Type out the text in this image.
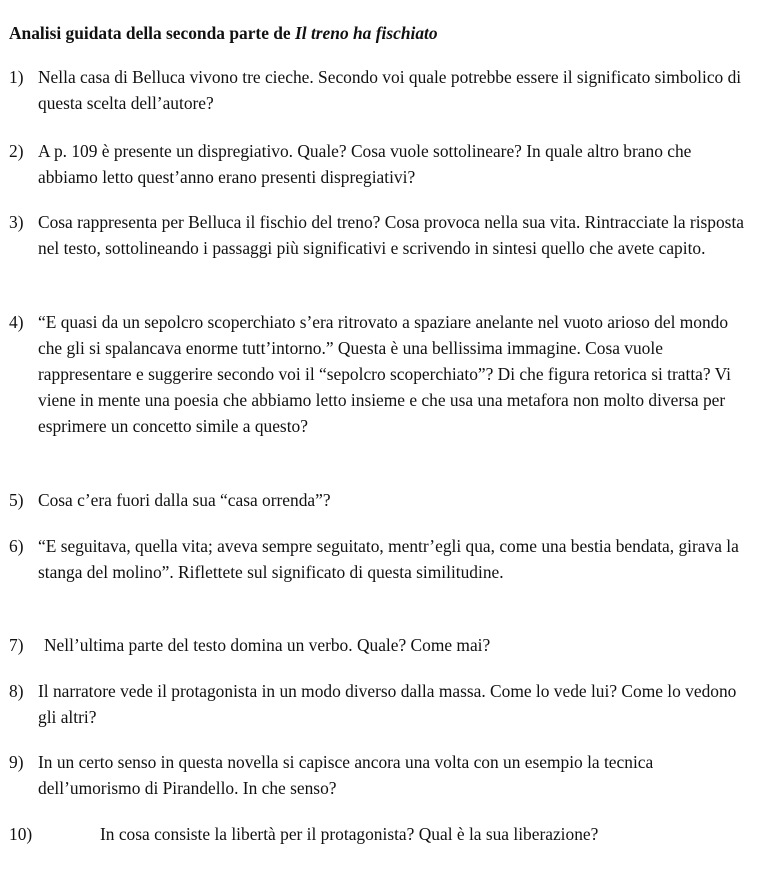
Analisi guidata della seconda parte de Il treno ha fischiato
1) Nella casa di Belluca vivono tre cieche. Secondo voi quale potrebbe essere il significato simbolico di questa scelta dell’autore?
2) A p. 109 è presente un dispregiativo. Quale? Cosa vuole sottolineare? In quale altro brano che abbiamo letto quest’anno erano presenti dispregiativi?
3) Cosa rappresenta per Belluca il fischio del treno? Cosa provoca nella sua vita. Rintracciate la risposta nel testo, sottolineando i passaggi più significativi e scrivendo in sintesi quello che avete capito.
4) “E quasi da un sepolcro scoperchiato s’era ritrovato a spaziare anelante nel vuoto arioso del mondo che gli si spalancava enorme tutt’intorno.” Questa è una bellissima immagine. Cosa vuole rappresentare e suggerire secondo voi il “sepolcro scoperchiato”? Di che figura retorica si tratta? Vi viene in mente una poesia che abbiamo letto insieme e che usa una metafora non molto diversa per esprimere un concetto simile a questo?
5) Cosa c’era fuori dalla sua “casa orrenda”?
6) “E seguitava, quella vita; aveva sempre seguitato, mentr’egli qua, come una bestia bendata, girava la stanga del molino”. Riflettete sul significato di questa similitudine.
7) Nell’ultima parte del testo domina un verbo. Quale? Come mai?
8) Il narratore vede il protagonista in un modo diverso dalla massa. Come lo vede lui? Come lo vedono gli altri?
9) In un certo senso in questa novella si capisce ancora una volta con un esempio la tecnica dell’umorismo di Pirandello. In che senso?
10)	In cosa consiste la libertà per il protagonista? Qual è la sua liberazione?
